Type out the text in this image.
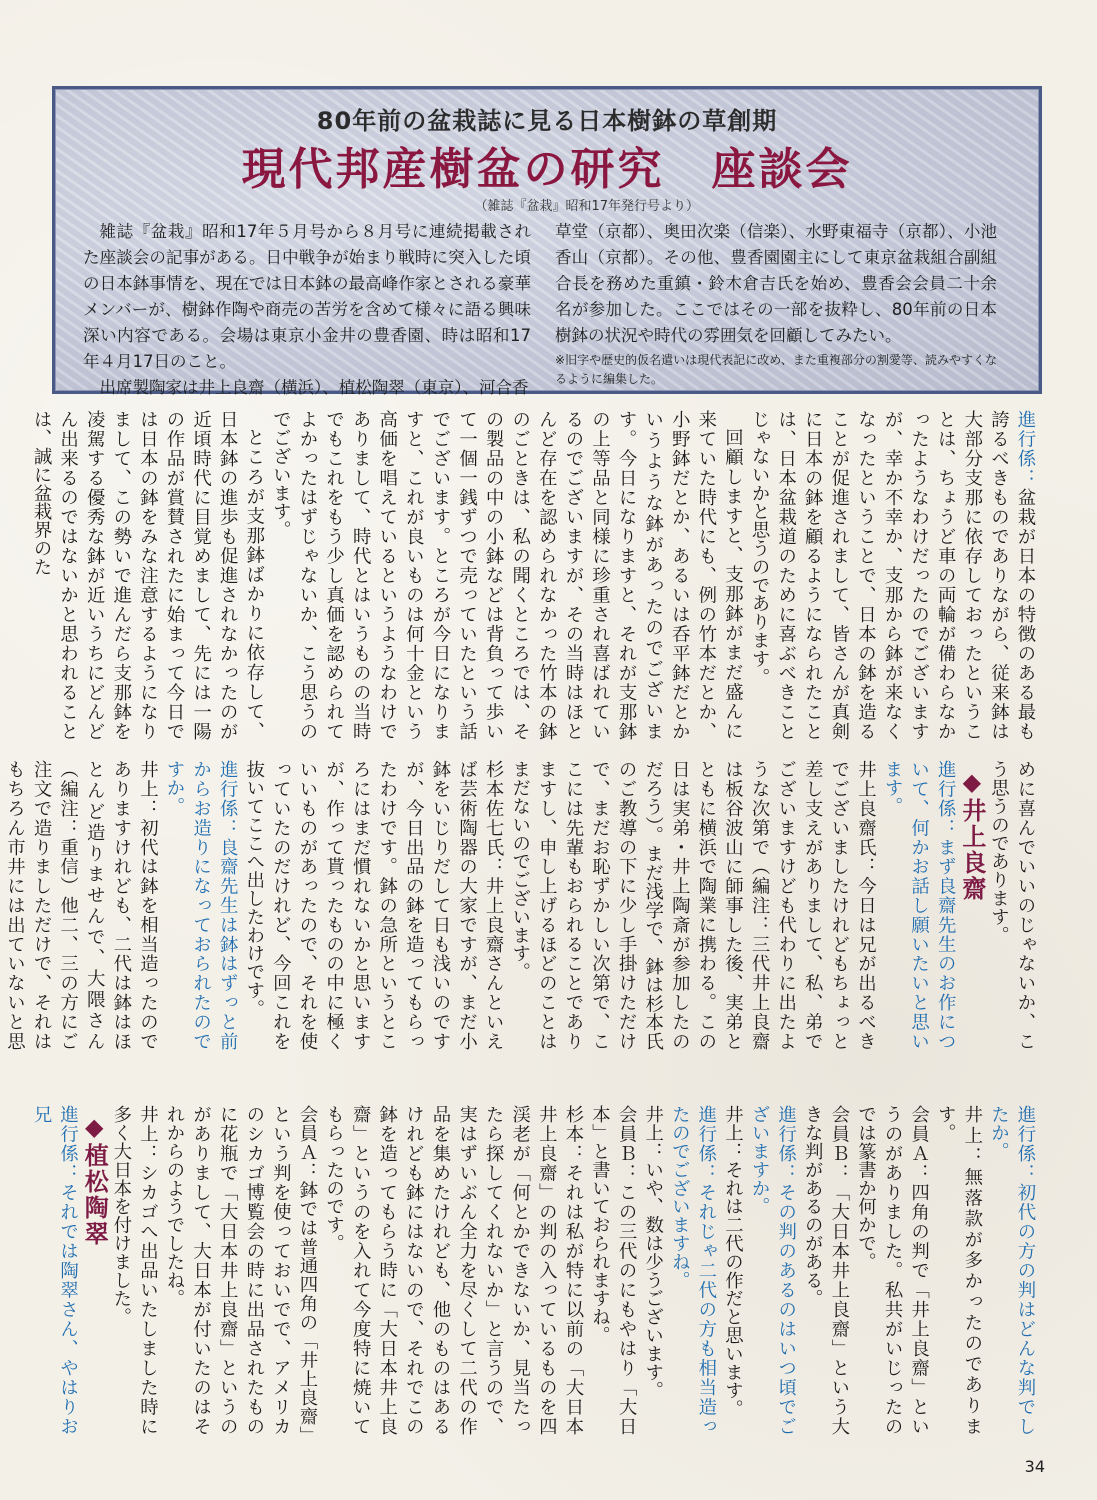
80年前の盆栽誌に見る日本樹鉢の草創期
現代邦産樹盆の研究　座談会
（雑誌『盆栽』昭和17年発行号より）

雑誌『盆栽』昭和17年５月号から８月号に連続掲載された座談会の記事がある。日中戦争が始まり戦時に突入した頃の日本鉢事情を、現在では日本鉢の最高峰作家とされる豪華メンバーが、樹鉢作陶や商売の苦労を含めて様々に語る興味深い内容である。会場は東京小金井の豊香園、時は昭和17年４月17日のこと。

出席製陶家は井上良齋（横浜）、植松陶翠（東京）、河合香

草堂（京都）、奥田次楽（信楽）、水野東福寺（京都）、小池香山（京都）。その他、豊香園園主にして東京盆栽組合副組合長を務めた重鎮・鈴木倉吉氏を始め、豊香会会員二十余名が参加した。ここではその一部を抜粋し、80年前の日本樹鉢の状況や時代の雰囲気を回顧してみたい。

※旧字や歴史的仮名遣いは現代表記に改め、また重複部分の割愛等、読みやすくなるように編集した。

進行係：盆栽が日本の特徴のある最も誇るべきものでありながら、従来鉢は大部分支那に依存しておったということは、ちょうど車の両輪が備わらなかったようなわけだったのでございますが、幸か不幸か、支那から鉢が来なくなったということで、日本の鉢を造ることが促進されまして、皆さんが真剣に日本の鉢を顧るようになられたことは、日本盆栽道のために喜ぶべきことじゃないかと思うのであります。

回顧しますと、支那鉢がまだ盛んに来ていた時代にも、例の竹本だとか、小野鉢だとか、あるいは呑平鉢だとかいうような鉢があったのでございます。今日になりますと、それが支那鉢の上等品と同様に珍重され喜ばれているのでございますが、その当時はほとんど存在を認められなかった竹本の鉢のごときは、私の聞くところでは、その製品の中の小鉢などは背負って歩いて一個一銭ずつで売っていたという話でございます。ところが今日になりますと、これが良いものは何十金という高価を唱えているというようなわけでありまして、時代とはいうものの当時でもこれをもう少し真価を認められてよかったはずじゃないか、こう思うのでございます。

ところが支那鉢ばかりに依存して、日本鉢の進歩も促進されなかったのが近頃時代に目覚めまして、先には一陽の作品が賞賛されたに始まって今日では日本の鉢をみな注意するようになりまして、この勢いで進んだら支那鉢を凌駕する優秀な鉢が近いうちにどんどん出来るのではないかと思われることは、誠に盆栽界のた

めに喜んでいいのじゃないか、こう思うのであります。

◆井上良齋

進行係：まず良齋先生のお作について、何かお話し願いたいと思います。

井上良齋氏：今日は兄が出るべきでございましたけれどもちょっと差し支えがありまして、私、弟でございますけども代わりに出たような次第で（編注：三代井上良齋は板谷波山に師事した後、実弟とともに横浜で陶業に携わる。この日は実弟・井上陶斎が参加したのだろう）。まだ浅学で、鉢は杉本氏のご教導の下に少し手掛けただけで、まだお恥ずかしい次第で、ここには先輩もおられることでありますし、申し上げるほどのことはまだないのでございます。

杉本佐七氏：井上良齋さんといえば芸術陶器の大家ですが、まだ小鉢をいじりだして日も浅いのですが、今日出品の鉢を造ってもらったわけです。鉢の急所というところにはまだ慣れないかと思いますが、作って貰ったものの中に極くいいものがあったので、それを使っていたのだけれど、今回これを抜いてここへ出したわけです。

進行係：良齋先生は鉢はずっと前からお造りになっておられたのですか。

井上：初代は鉢を相当造ったのでありますけれども、二代は鉢はほとんど造りませんで、大隈さん（編注：重信）他二、三の方にご注文で造りましただけで、それはもちろん市井には出ていないと思

進行係：初代の方の判はどんな判でしたか。

井上：無落款が多かったのであります。

会員Ａ：四角の判で「井上良齋」というのがありました。私共がいじったのでは篆書か何かで。

会員Ｂ：「大日本井上良齋」という大きな判があるのがある。

進行係：その判のあるのはいつ頃でございますか。

井上：それは二代の作だと思います。

進行係：それじゃ二代の方も相当造ったのでございますね。

井上：いや、数は少うございます。

会員Ｂ：この三代のにもやはり「大日本」と書いておられますね。

杉本：それは私が特に以前の「大日本井上良齋」の判の入っているものを四渓老が「何とかできないか、見当たったら探してくれないか」と言うので、実はずいぶん全力を尽くして二代の作品を集めたけれども、他のものはあるけれども鉢にはないので、それでこの鉢を造ってもらう時に「大日本井上良齋」というのを入れて今度特に焼いてもらったのです。

会員Ａ：鉢では普通四角の「井上良齋」という判を使っておいでで、アメリカのシカゴ博覧会の時に出品されたものに花瓶で「大日本井上良齋」というのがありまして、大日本が付いたのはそれからのようでしたね。

井上：シカゴへ出品いたしました時に多く大日本を付けました。

◆植松陶翠

進行係：それでは陶翠さん、やはりお兄

34
